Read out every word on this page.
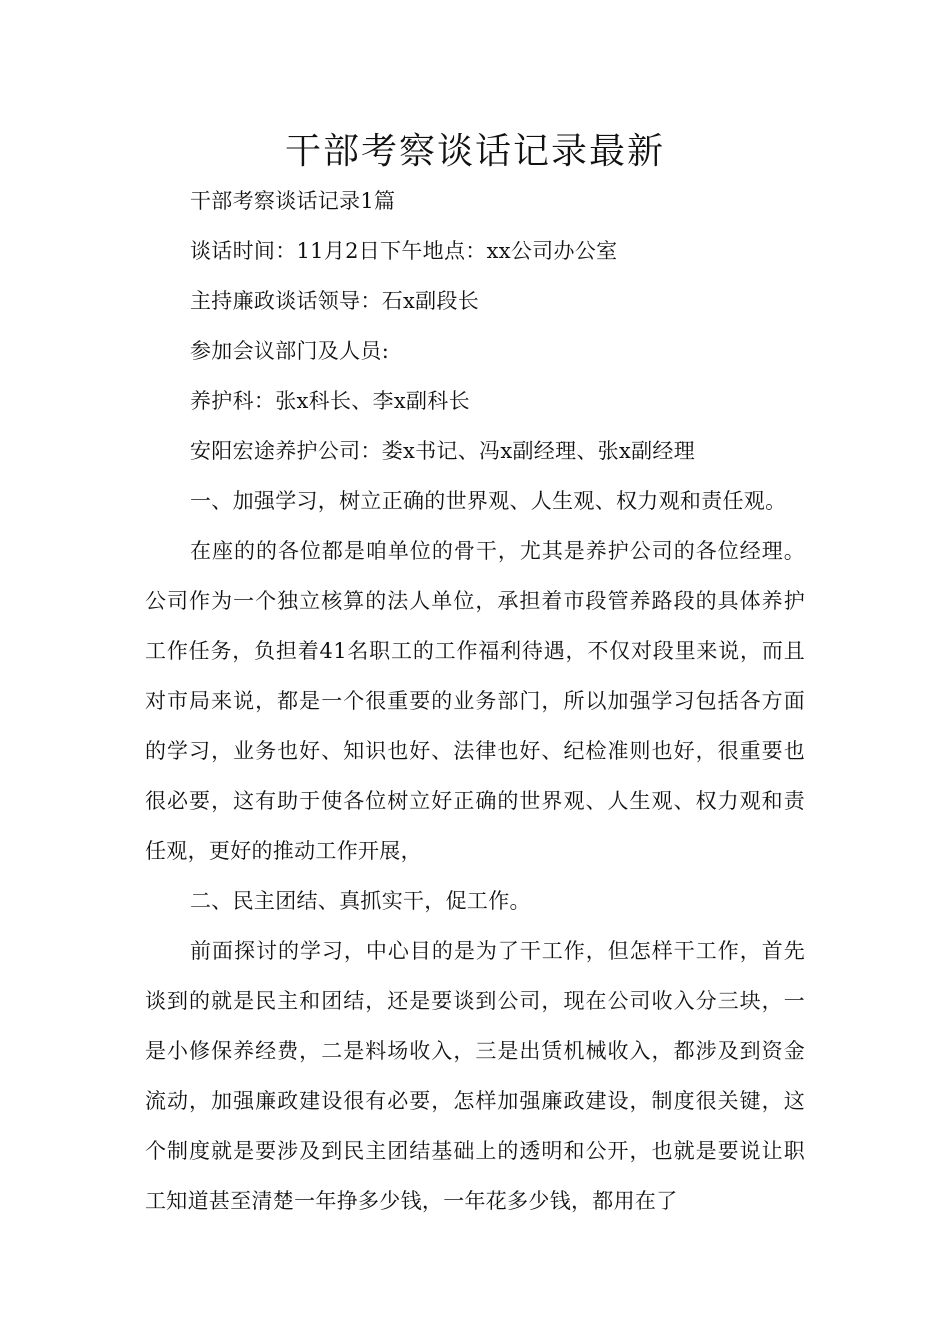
干部考察谈话记录最新

干部考察谈话记录1篇

谈话时间：11月2日下午地点：xx公司办公室

主持廉政谈话领导：石x副段长

参加会议部门及人员:

养护科：张x科长、李x副科长

安阳宏途养护公司：娄x书记、冯x副经理、张x副经理

一、加强学习，树立正确的世界观、人生观、权力观和责任观。

在座的的各位都是咱单位的骨干，尤其是养护公司的各位经理。公司作为一个独立核算的法人单位，承担着市段管养路段的具体养护工作任务，负担着41名职工的工作福利待遇，不仅对段里来说，而且对市局来说，都是一个很重要的业务部门，所以加强学习包括各方面的学习，业务也好、知识也好、法律也好、纪检准则也好，很重要也很必要，这有助于使各位树立好正确的世界观、人生观、权力观和责任观，更好的推动工作开展，

二、民主团结、真抓实干，促工作。

前面探讨的学习，中心目的是为了干工作，但怎样干工作，首先谈到的就是民主和团结，还是要谈到公司，现在公司收入分三块，一是小修保养经费，二是料场收入，三是出赁机械收入，都涉及到资金流动，加强廉政建设很有必要，怎样加强廉政建设，制度很关键，这个制度就是要涉及到民主团结基础上的透明和公开，也就是要说让职工知道甚至清楚一年挣多少钱，一年花多少钱，都用在了
